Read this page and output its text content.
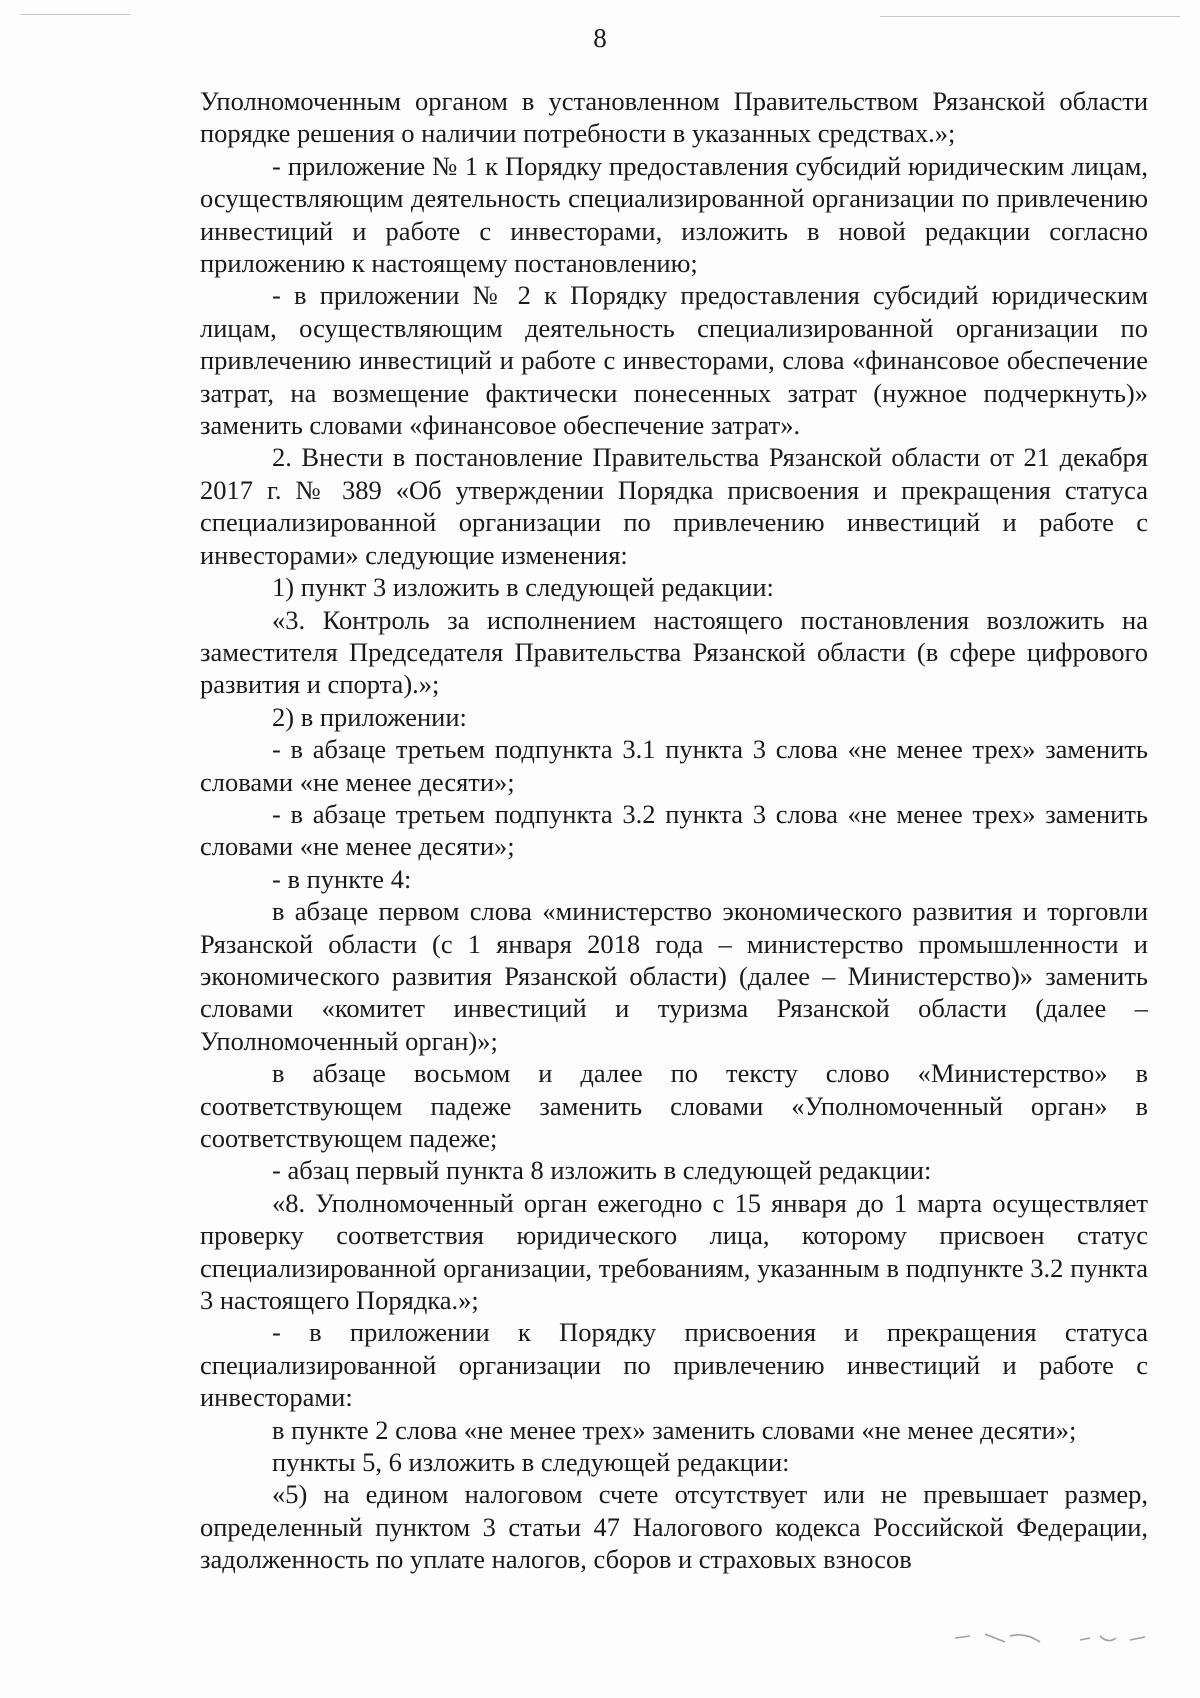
8

Уполномоченным органом в установленном Правительством Рязанской области порядке решения о наличии потребности в указанных средствах.»;

- приложение № 1 к Порядку предоставления субсидий юридическим лицам, осуществляющим деятельность специализированной организации по привлечению инвестиций и работе с инвесторами, изложить в новой редакции согласно приложению к настоящему постановлению;

- в приложении № 2 к Порядку предоставления субсидий юридическим лицам, осуществляющим деятельность специализированной организации по привлечению инвестиций и работе с инвесторами, слова «финансовое обеспечение затрат, на возмещение фактически понесенных затрат (нужное подчеркнуть)» заменить словами «финансовое обеспечение затрат».

2. Внести в постановление Правительства Рязанской области от 21 декабря 2017 г. № 389 «Об утверждении Порядка присвоения и прекращения статуса специализированной организации по привлечению инвестиций и работе с инвесторами» следующие изменения:

1) пункт 3 изложить в следующей редакции:

«3. Контроль за исполнением настоящего постановления возложить на заместителя Председателя Правительства Рязанской области (в сфере цифрового развития и спорта).»;

2) в приложении:

- в абзаце третьем подпункта 3.1 пункта 3 слова «не менее трех» заменить словами «не менее десяти»;

- в абзаце третьем подпункта 3.2 пункта 3 слова «не менее трех» заменить словами «не менее десяти»;

- в пункте 4:

в абзаце первом слова «министерство экономического развития и торговли Рязанской области (с 1 января 2018 года – министерство промышленности и экономического развития Рязанской области) (далее – Министерство)» заменить словами «комитет инвестиций и туризма Рязанской области (далее – Уполномоченный орган)»;

в абзаце восьмом и далее по тексту слово «Министерство» в соответствующем падеже заменить словами «Уполномоченный орган» в соответствующем падеже;

- абзац первый пункта 8 изложить в следующей редакции:

«8. Уполномоченный орган ежегодно с 15 января до 1 марта осуществляет проверку соответствия юридического лица, которому присвоен статус специализированной организации, требованиям, указанным в подпункте 3.2 пункта 3 настоящего Порядка.»;

- в приложении к Порядку присвоения и прекращения статуса специализированной организации по привлечению инвестиций и работе с инвесторами:

в пункте 2 слова «не менее трех» заменить словами «не менее десяти»;

пункты 5, 6 изложить в следующей редакции:

«5) на едином налоговом счете отсутствует или не превышает размер, определенный пунктом 3 статьи 47 Налогового кодекса Российской Федерации, задолженность по уплате налогов, сборов и страховых взносов
